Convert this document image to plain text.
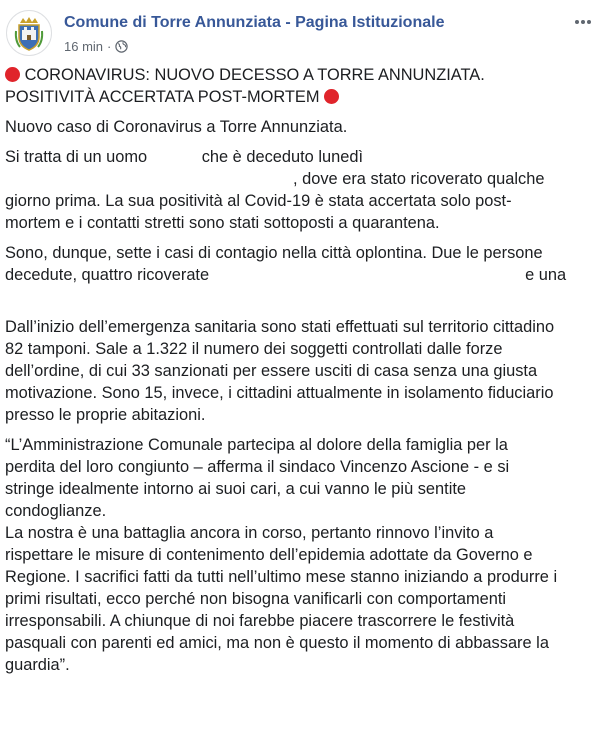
Comune di Torre Annunziata - Pagina Istituzionale
16 min ·

CORONAVIRUS: NUOVO DECESSO A TORRE ANNUNZIATA.
POSITIVITÀ ACCERTATA POST-MORTEM

Nuovo caso di Coronavirus a Torre Annunziata.

Si tratta di un uomo	che è deceduto lunedì
, dove era stato ricoverato qualche
giorno prima. La sua positività al Covid-19 è stata accertata solo post-
mortem e i contatti stretti sono stati sottoposti a quarantena.

Sono, dunque, sette i casi di contagio nella città oplontina. Due le persone
decedute, quattro ricoverate	e una

Dall’inizio dell’emergenza sanitaria sono stati effettuati sul territorio cittadino
82 tamponi. Sale a 1.322 il numero dei soggetti controllati dalle forze
dell’ordine, di cui 33 sanzionati per essere usciti di casa senza una giusta
motivazione. Sono 15, invece, i cittadini attualmente in isolamento fiduciario
presso le proprie abitazioni.

“L’Amministrazione Comunale partecipa al dolore della famiglia per la
perdita del loro congiunto – afferma il sindaco Vincenzo Ascione - e si
stringe idealmente intorno ai suoi cari, a cui vanno le più sentite
condoglianze.
La nostra è una battaglia ancora in corso, pertanto rinnovo l’invito a
rispettare le misure di contenimento dell’epidemia adottate da Governo e
Regione. I sacrifici fatti da tutti nell’ultimo mese stanno iniziando a produrre i
primi risultati, ecco perché non bisogna vanificarli con comportamenti
irresponsabili. A chiunque di noi farebbe piacere trascorrere le festività
pasquali con parenti ed amici, ma non è questo il momento di abbassare la
guardia”.
